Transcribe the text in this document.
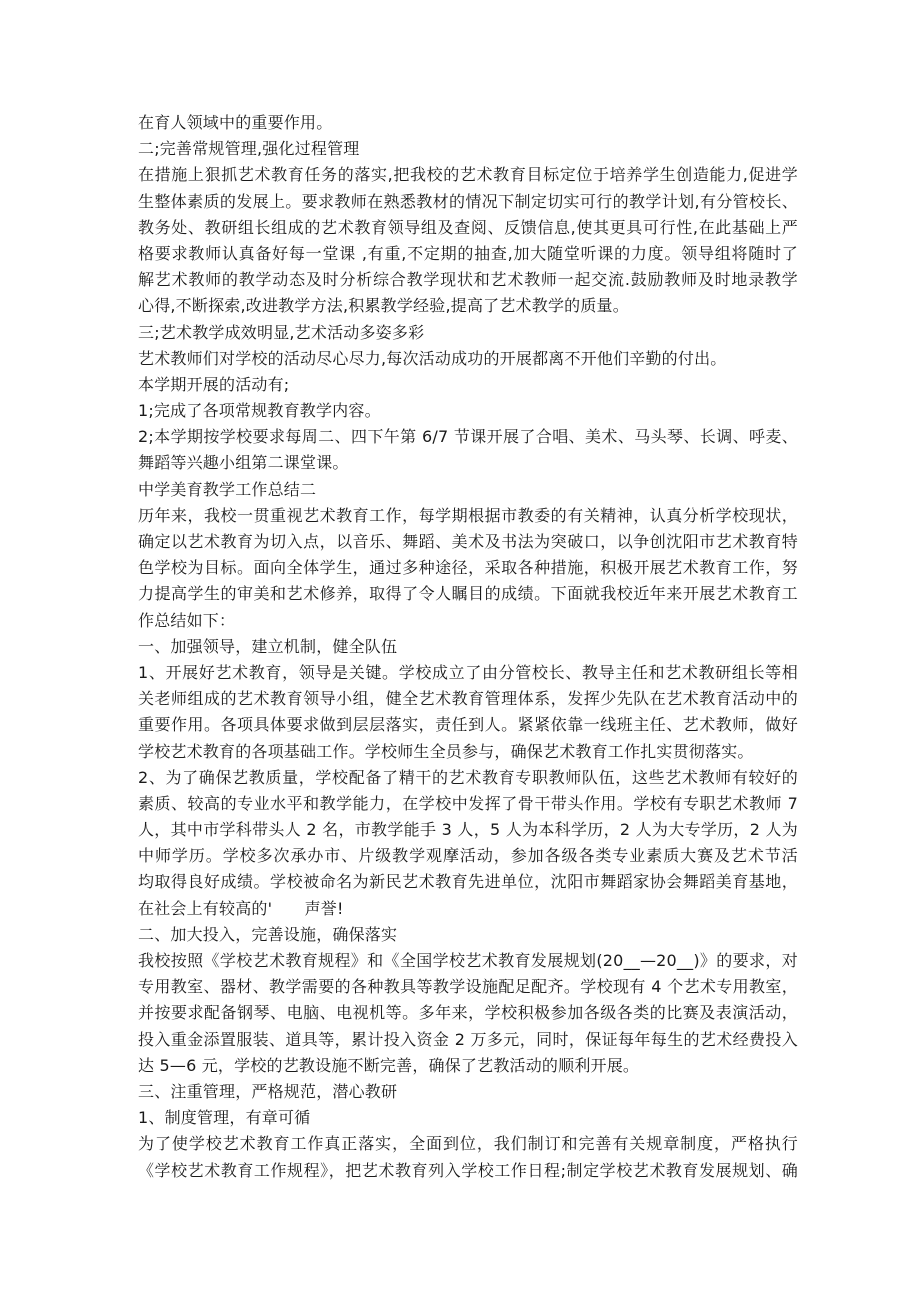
在育人领域中的重要作用。
二;完善常规管理,强化过程管理
在措施上狠抓艺术教育任务的落实,把我校的艺术教育目标定位于培养学生创造能力,促进学
生整体素质的发展上。要求教师在熟悉教材的情况下制定切实可行的教学计划,有分管校长、
教务处、教研组长组成的艺术教育领导组及查阅、反馈信息,使其更具可行性,在此基础上严
格要求教师认真备好每一堂课 ,有重,不定期的抽查,加大随堂听课的力度。领导组将随时了
解艺术教师的教学动态及时分析综合教学现状和艺术教师一起交流.鼓励教师及时地录教学
心得,不断探索,改进教学方法,积累教学经验,提高了艺术教学的质量。
三;艺术教学成效明显,艺术活动多姿多彩
艺术教师们对学校的活动尽心尽力,每次活动成功的开展都离不开他们辛勤的付出。
本学期开展的活动有;
1;完成了各项常规教育教学内容。
2;本学期按学校要求每周二、四下午第 6/7 节课开展了合唱、美术、马头琴、长调、呼麦、
舞蹈等兴趣小组第二课堂课。
中学美育教学工作总结二
历年来，我校一贯重视艺术教育工作，每学期根据市教委的有关精神，认真分析学校现状，
确定以艺术教育为切入点，以音乐、舞蹈、美术及书法为突破口，以争创沈阳市艺术教育特
色学校为目标。面向全体学生，通过多种途径，采取各种措施，积极开展艺术教育工作，努
力提高学生的审美和艺术修养，取得了令人瞩目的成绩。下面就我校近年来开展艺术教育工
作总结如下：
一、加强领导，建立机制，健全队伍
1、开展好艺术教育，领导是关键。学校成立了由分管校长、教导主任和艺术教研组长等相
关老师组成的艺术教育领导小组，健全艺术教育管理体系，发挥少先队在艺术教育活动中的
重要作用。各项具体要求做到层层落实，责任到人。紧紧依靠一线班主任、艺术教师，做好
学校艺术教育的各项基础工作。学校师生全员参与，确保艺术教育工作扎实贯彻落实。
2、为了确保艺教质量，学校配备了精干的艺术教育专职教师队伍，这些艺术教师有较好的
素质、较高的专业水平和教学能力，在学校中发挥了骨干带头作用。学校有专职艺术教师 7
人，其中市学科带头人 2 名，市教学能手 3 人，5 人为本科学历，2 人为大专学历，2 人为
中师学历。学校多次承办市、片级教学观摩活动，参加各级各类专业素质大赛及艺术节活
均取得良好成绩。学校被命名为新民艺术教育先进单位，沈阳市舞蹈家协会舞蹈美育基地，
在社会上有较高的'　　声誉!
二、加大投入，完善设施，确保落实
我校按照《学校艺术教育规程》和《全国学校艺术教育发展规划(20__—20__)》的要求，对
专用教室、器材、教学需要的各种教具等教学设施配足配齐。学校现有 4 个艺术专用教室，
并按要求配备钢琴、电脑、电视机等。多年来，学校积极参加各级各类的比赛及表演活动，
投入重金添置服装、道具等，累计投入资金 2 万多元，同时，保证每年每生的艺术经费投入
达 5—6 元，学校的艺教设施不断完善，确保了艺教活动的顺利开展。
三、注重管理，严格规范，潜心教研
1、制度管理，有章可循
为了使学校艺术教育工作真正落实，全面到位，我们制订和完善有关规章制度，严格执行
《学校艺术教育工作规程》，把艺术教育列入学校工作日程;制定学校艺术教育发展规划、确
